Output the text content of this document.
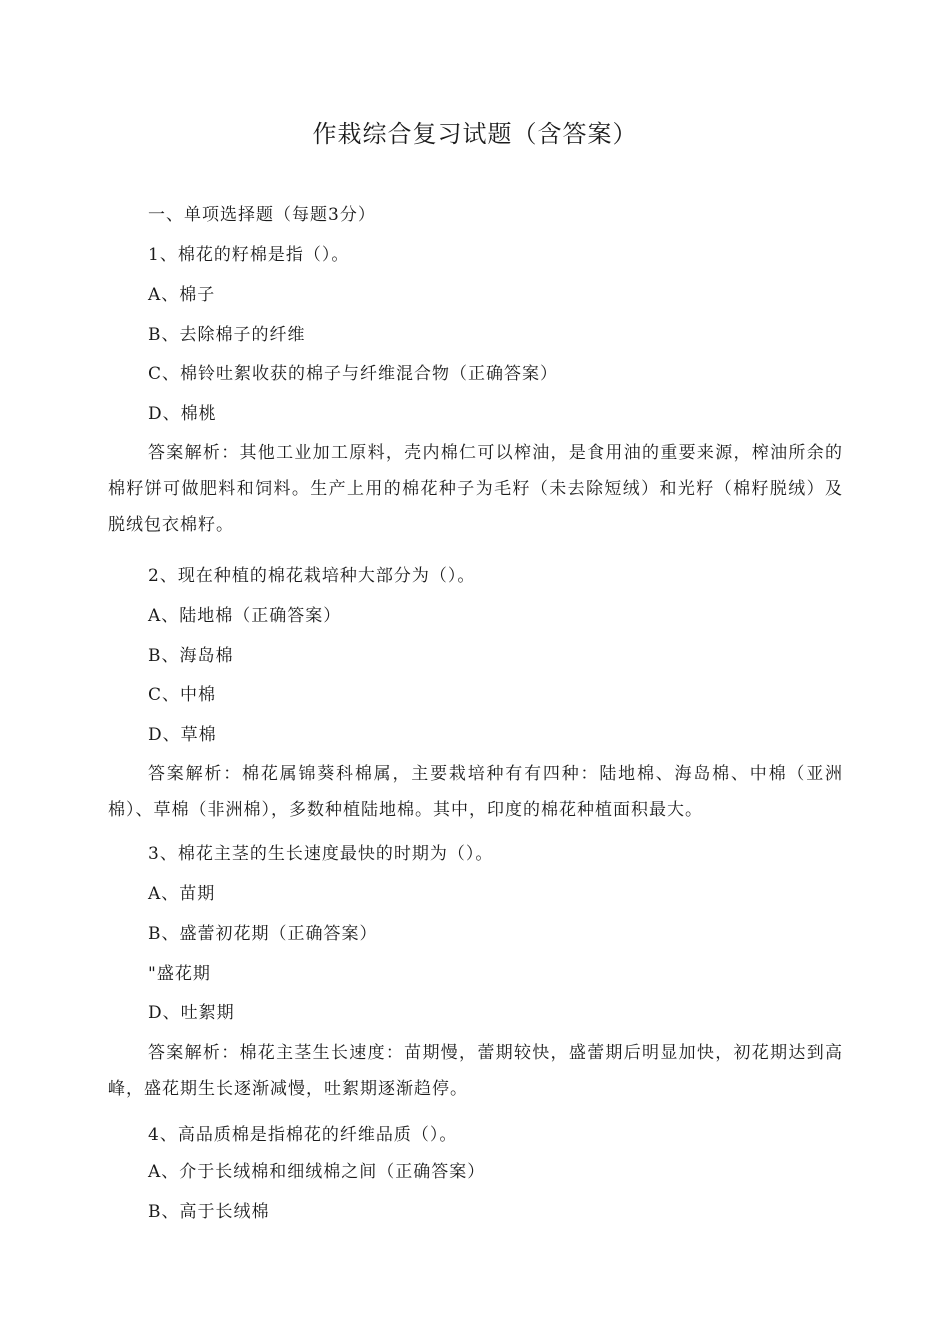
作栽综合复习试题（含答案）
一、单项选择题（每题3分）
1、棉花的籽棉是指（）。
A、棉子
B、去除棉子的纤维
C、棉铃吐絮收获的棉子与纤维混合物（正确答案）
D、棉桃
答案解析：其他工业加工原料，壳内棉仁可以榨油，是食用油的重要来源，榨油所余的棉籽饼可做肥料和饲料。生产上用的棉花种子为毛籽（未去除短绒）和光籽（棉籽脱绒）及脱绒包衣棉籽。
2、现在种植的棉花栽培种大部分为（）。
A、陆地棉（正确答案）
B、海岛棉
C、中棉
D、草棉
答案解析：棉花属锦葵科棉属，主要栽培种有有四种：陆地棉、海岛棉、中棉（亚洲棉）、草棉（非洲棉），多数种植陆地棉。其中，印度的棉花种植面积最大。
3、棉花主茎的生长速度最快的时期为（）。
A、苗期
B、盛蕾初花期（正确答案）
"盛花期
D、吐絮期
答案解析：棉花主茎生长速度：苗期慢，蕾期较快，盛蕾期后明显加快，初花期达到高峰，盛花期生长逐渐减慢，吐絮期逐渐趋停。
4、高品质棉是指棉花的纤维品质（）。
A、介于长绒棉和细绒棉之间（正确答案）
B、高于长绒棉
